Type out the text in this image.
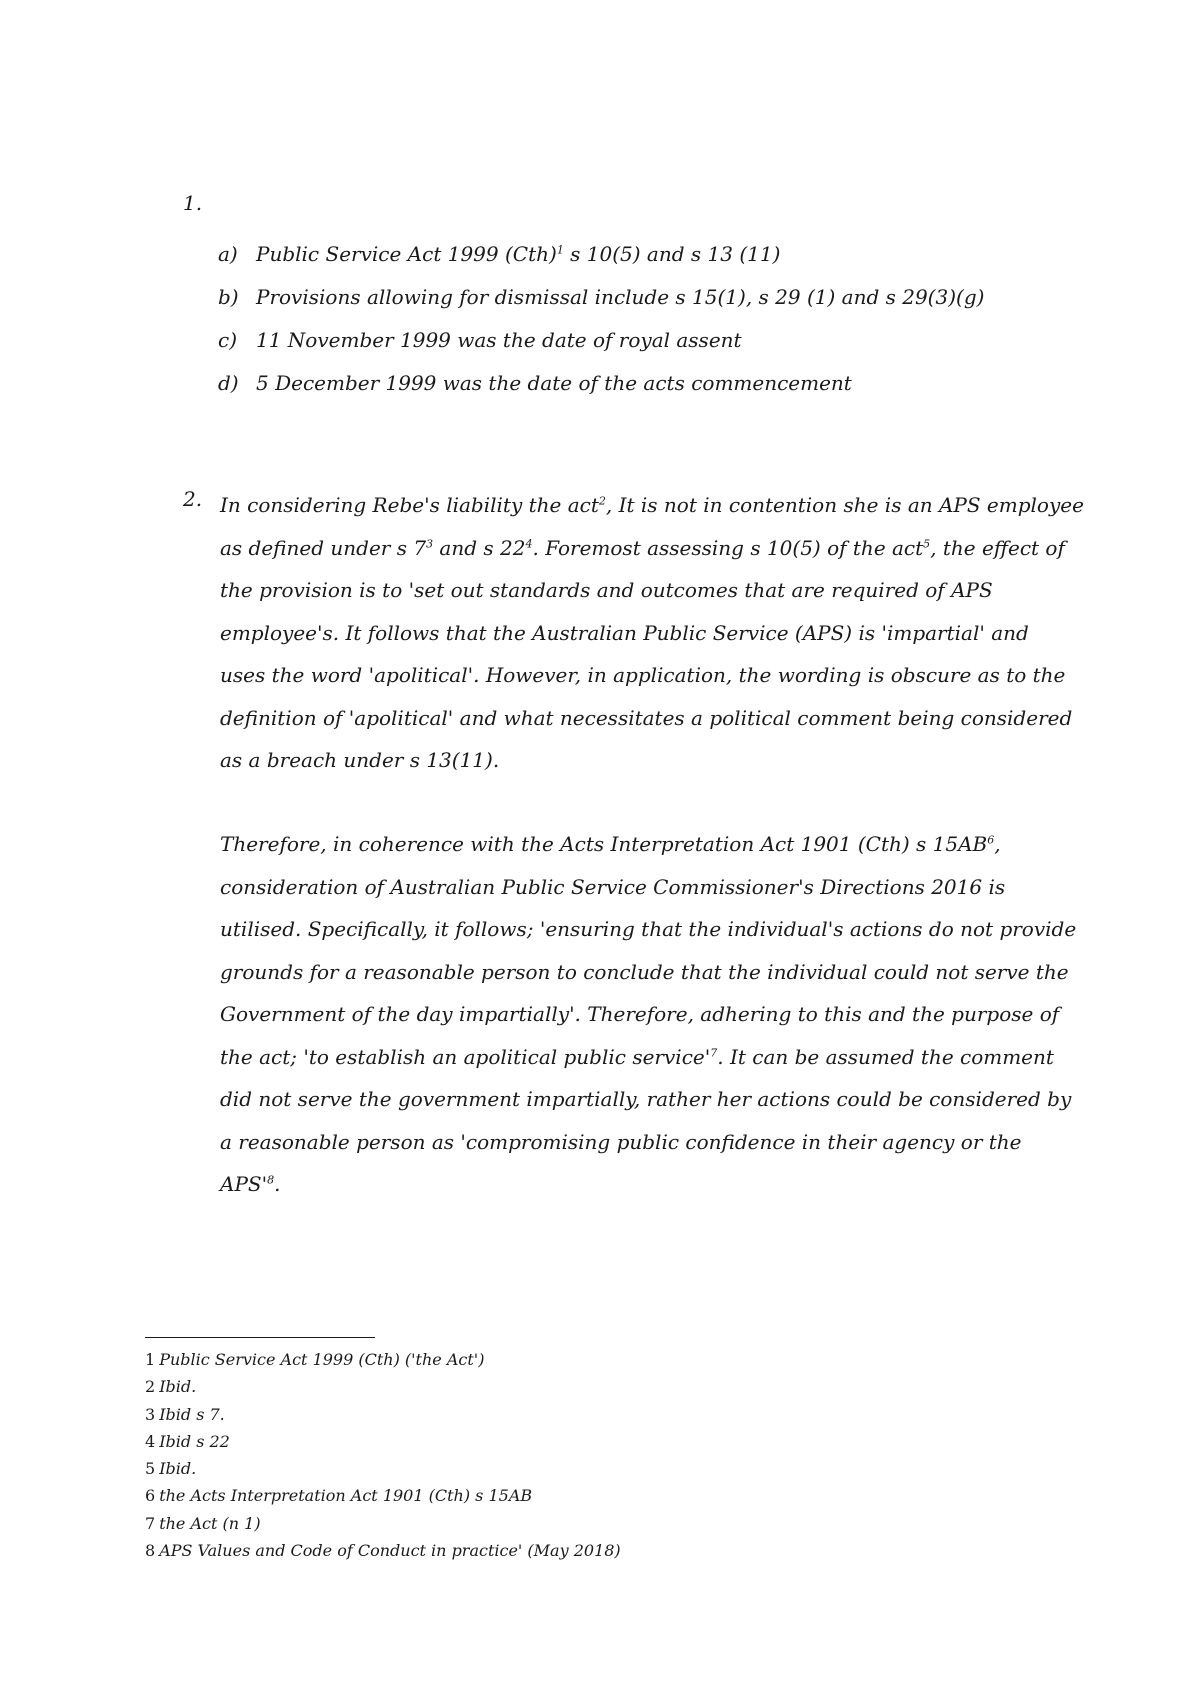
1.
a) Public Service Act 1999 (Cth)$^1$ s 10(5) and s 13 (11)
b) Provisions allowing for dismissal include s 15(1), s 29 (1) and s 29(3)(g)
c) 11 November 1999 was the date of royal assent
d) 5 December 1999 was the date of the acts commencement
2. In considering Rebe's liability the act$^2$, It is not in contention she is an APS employee
as defined under s $7^3$ and s $22^4$. Foremost assessing s 10(5) of the act$^5$, the effect of
the provision is to 'set out standards and outcomes that are required of APS
employee's. It follows that the Australian Public Service (APS) is 'impartial' and
uses the word 'apolitical'. However, in application, the wording is obscure as to the
definition of 'apolitical' and what necessitates a political comment being considered
as a breach under s 13(11).

Therefore, in coherence with the Acts Interpretation Act 1901 (Cth) s $15AB^6$,
consideration of Australian Public Service Commissioner's Directions 2016 is
utilised. Specifically, it follows; 'ensuring that the individual's actions do not provide
grounds for a reasonable person to conclude that the individual could not serve the
Government of the day impartially'. Therefore, adhering to this and the purpose of
the act; 'to establish an apolitical public $service'^7$. It can be assumed the comment
did not serve the government impartially, rather her actions could be considered by
a reasonable person as 'compromising public confidence in their agency or the
$APS'^8$.

1 Public Service Act 1999 (Cth) ('the Act')
2 Ibid.
3 Ibid s 7.
4 Ibid s 22
5 Ibid.
6 the Acts Interpretation Act 1901 (Cth) s 15AB
7 the Act (n 1)
8 APS Values and Code of Conduct in practice' (May 2018)
